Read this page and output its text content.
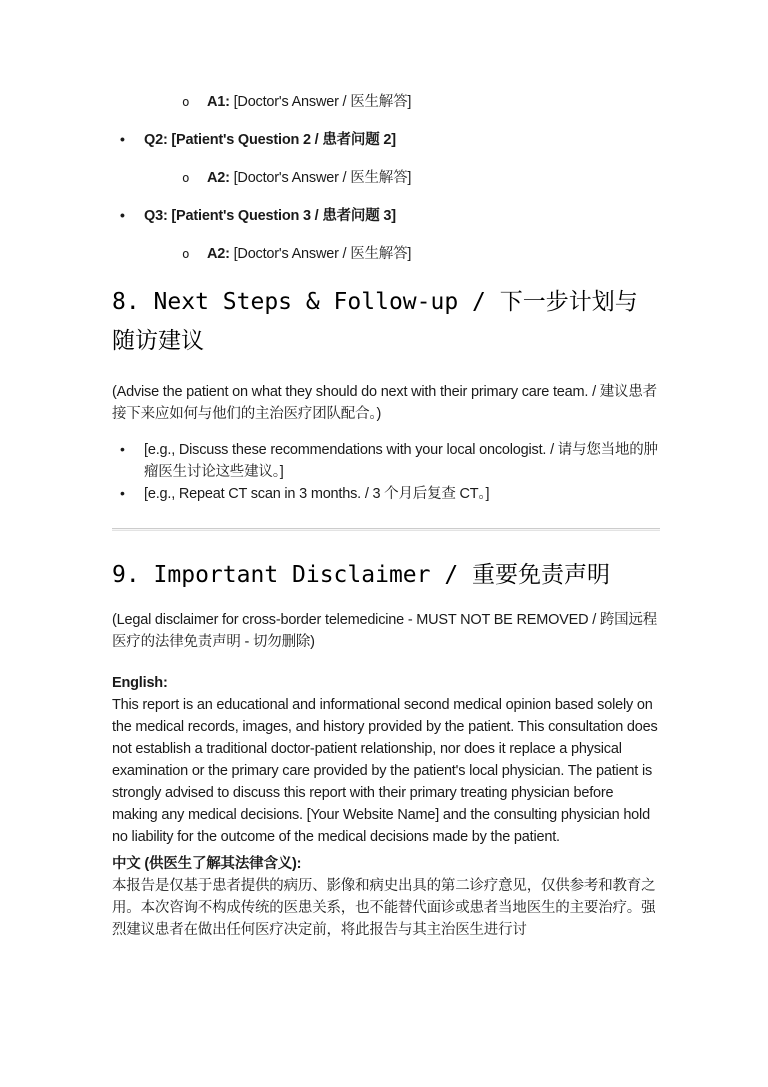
o A1: [Doctor's Answer / 医生解答]
• Q2: [Patient's Question 2 / 患者问题 2]
o A2: [Doctor's Answer / 医生解答]
• Q3: [Patient's Question 3 / 患者问题 3]
o A2: [Doctor's Answer / 医生解答]
8. Next Steps & Follow-up / 下一步计划与随访建议

(Advise the patient on what they should do next with their primary care team. / 建议患者接下来应如何与他们的主治医疗团队配合。)

• [e.g., Discuss these recommendations with your local oncologist. / 请与您当地的肿瘤医生讨论这些建议。]
• [e.g., Repeat CT scan in 3 months. / 3 个月后复查 CT。]
9. Important Disclaimer / 重要免责声明

(Legal disclaimer for cross-border telemedicine - MUST NOT BE REMOVED / 跨国远程医疗的法律免责声明 - 切勿删除)

English:

This report is an educational and informational second medical opinion based solely on the medical records, images, and history provided by the patient. This consultation does not establish a traditional doctor-patient relationship, nor does it replace a physical examination or the primary care provided by the patient's local physician. The patient is strongly advised to discuss this report with their primary treating physician before making any medical decisions. [Your Website Name] and the consulting physician hold no liability for the outcome of the medical decisions made by the patient.

中文 (供医生了解其法律含义):

本报告是仅基于患者提供的病历、影像和病史出具的第二诊疗意见，仅供参考和教育之用。本次咨询不构成传统的医患关系，也不能替代面诊或患者当地医生的主要治疗。强烈建议患者在做出任何医疗决定前，将此报告与其主治医生进行讨
